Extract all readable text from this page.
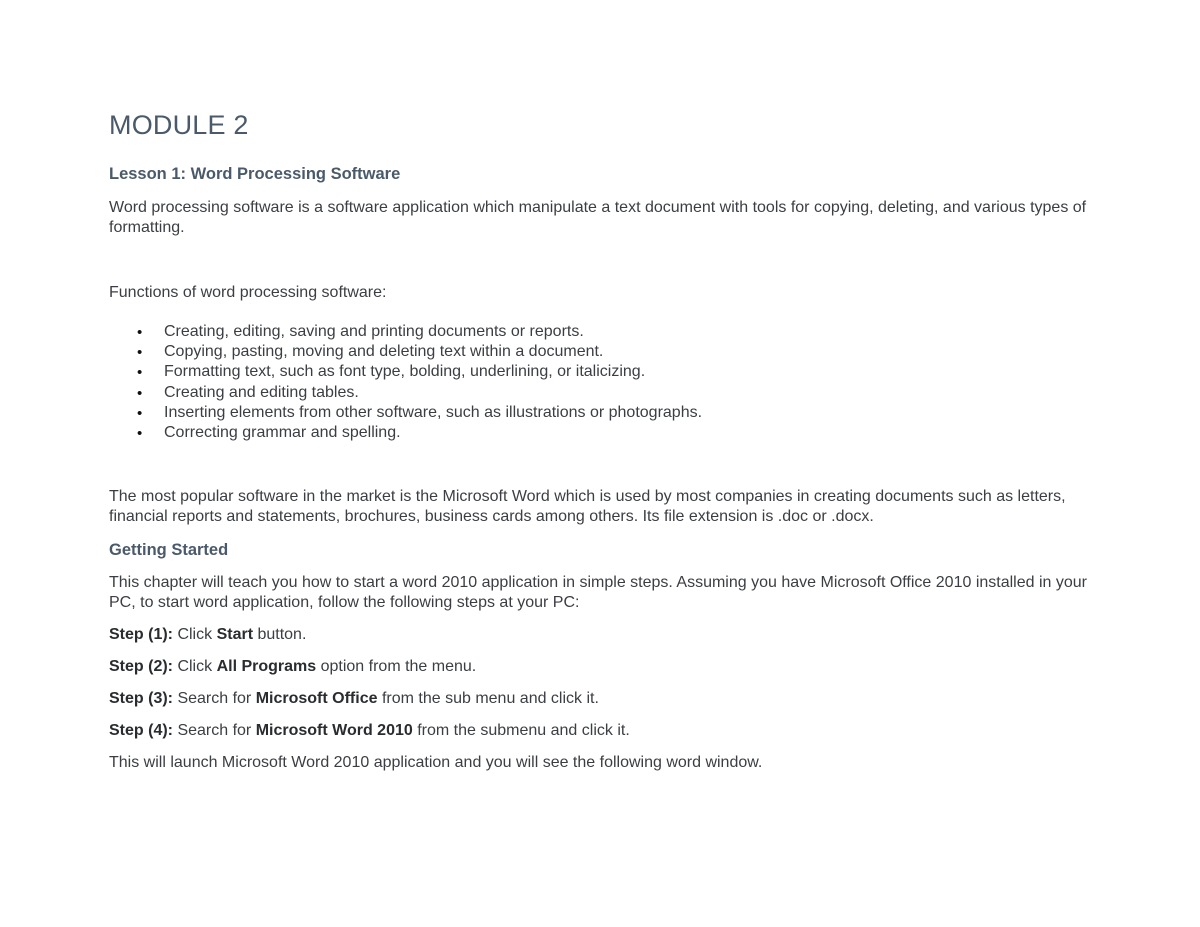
MODULE 2
Lesson 1: Word Processing Software

Word processing software is a software application which manipulate a text document with tools for copying, deleting, and various types of formatting.

Functions of word processing software:

• Creating, editing, saving and printing documents or reports.
• Copying, pasting, moving and deleting text within a document.
• Formatting text, such as font type, bolding, underlining, or italicizing.
• Creating and editing tables.
• Inserting elements from other software, such as illustrations or photographs.
• Correcting grammar and spelling.

The most popular software in the market is the Microsoft Word which is used by most companies in creating documents such as letters, financial reports and statements, brochures, business cards among others. Its file extension is .doc or .docx.

Getting Started

This chapter will teach you how to start a word 2010 application in simple steps. Assuming you have Microsoft Office 2010 installed in your PC, to start word application, follow the following steps at your PC:

Step (1): Click Start button.

Step (2): Click All Programs option from the menu.

Step (3): Search for Microsoft Office from the sub menu and click it.

Step (4): Search for Microsoft Word 2010 from the submenu and click it.

This will launch Microsoft Word 2010 application and you will see the following word window.
